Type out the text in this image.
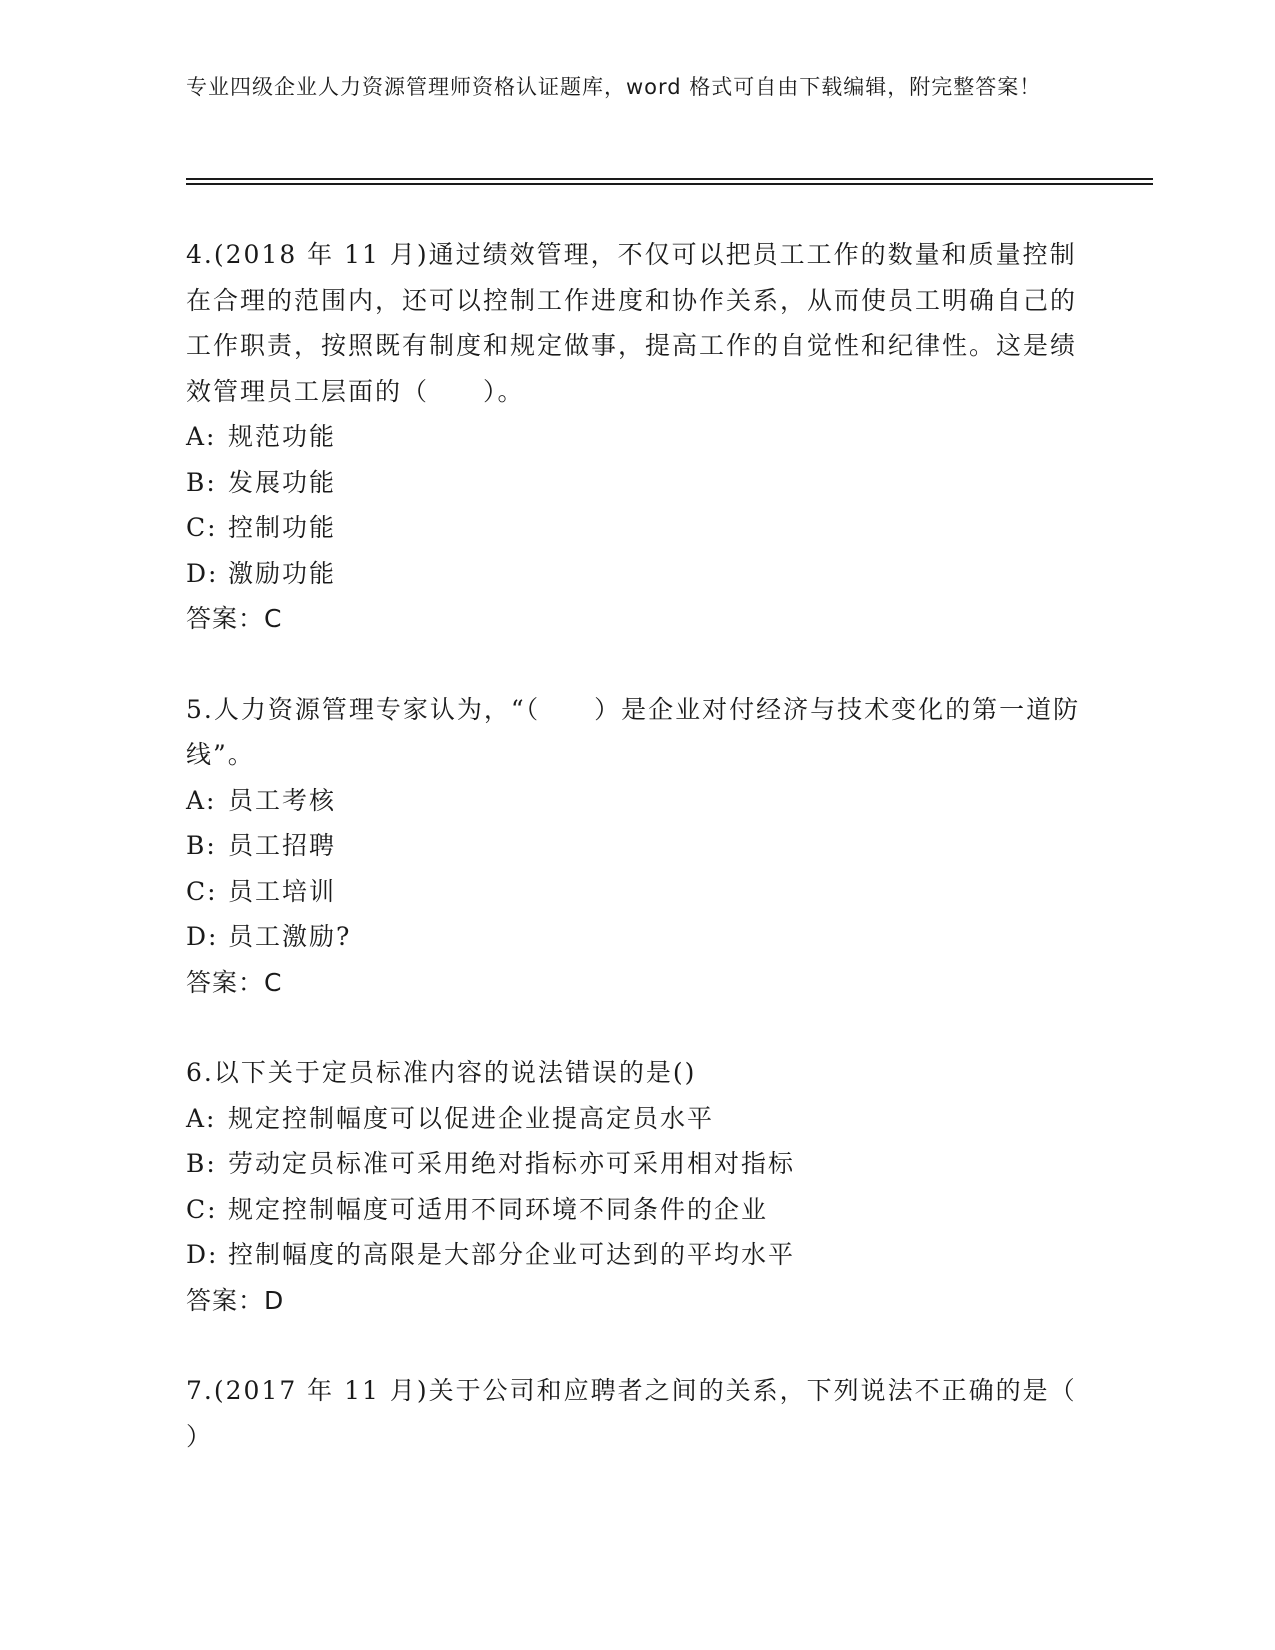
专业四级企业人力资源管理师资格认证题库，word 格式可自由下载编辑，附完整答案！
4.(2018 年 11 月)通过绩效管理，不仅可以把员工工作的数量和质量控制在合理的范围内，还可以控制工作进度和协作关系，从而使员工明确自己的工作职责，按照既有制度和规定做事，提高工作的自觉性和纪律性。这是绩效管理员工层面的（　　）。
A: 规范功能
B: 发展功能
C: 控制功能
D: 激励功能
答案：C
5.人力资源管理专家认为，“（　　）是企业对付经济与技术变化的第一道防线”。
A: 员工考核
B: 员工招聘
C: 员工培训
D: 员工激励?
答案：C
6.以下关于定员标准内容的说法错误的是()
A: 规定控制幅度可以促进企业提高定员水平
B: 劳动定员标准可采用绝对指标亦可采用相对指标
C: 规定控制幅度可适用不同环境不同条件的企业
D: 控制幅度的高限是大部分企业可达到的平均水平
答案：D
7.(2017 年 11 月)关于公司和应聘者之间的关系，下列说法不正确的是（ ）
